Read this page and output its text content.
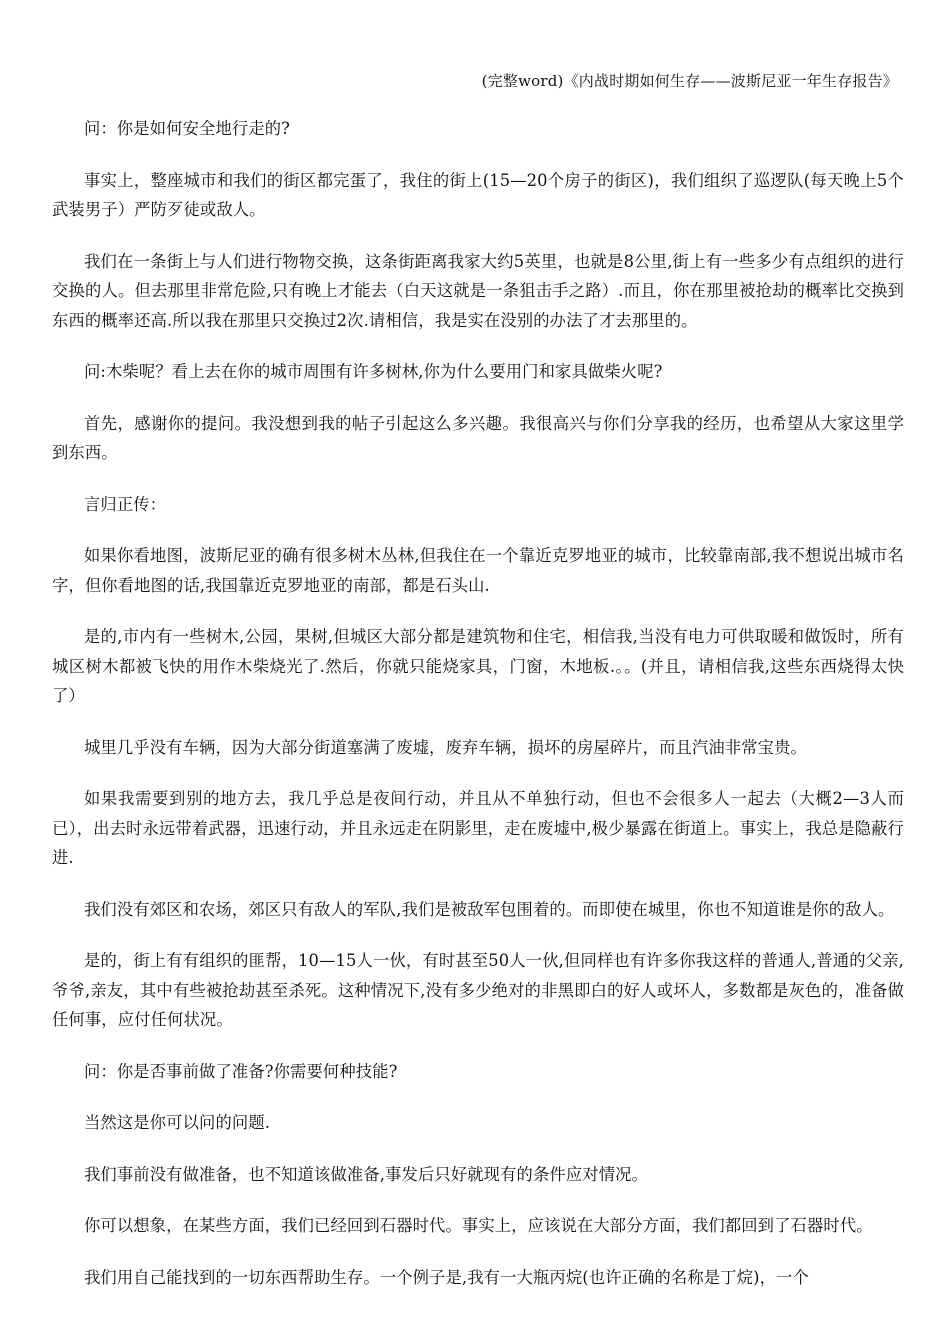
(完整word)《内战时期如何生存——波斯尼亚一年生存报告》

问：你是如何安全地行走的?

事实上，整座城市和我们的街区都完蛋了，我住的街上(15—20个房子的街区)，我们组织了巡逻队(每天晚上5个武装男子）严防歹徒或敌人。

我们在一条街上与人们进行物物交换，这条街距离我家大约5英里，也就是8公里,街上有一些多少有点组织的进行交换的人。但去那里非常危险,只有晚上才能去（白天这就是一条狙击手之路）.而且，你在那里被抢劫的概率比交换到东西的概率还高.所以我在那里只交换过2次.请相信，我是实在没别的办法了才去那里的。

问:木柴呢？看上去在你的城市周围有许多树林,你为什么要用门和家具做柴火呢?

首先，感谢你的提问。我没想到我的帖子引起这么多兴趣。我很高兴与你们分享我的经历，也希望从大家这里学到东西。

言归正传：

如果你看地图，波斯尼亚的确有很多树木丛林,但我住在一个靠近克罗地亚的城市，比较靠南部,我不想说出城市名字，但你看地图的话,我国靠近克罗地亚的南部，都是石头山.

是的,市内有一些树木,公园，果树,但城区大部分都是建筑物和住宅，相信我,当没有电力可供取暖和做饭时，所有城区树木都被飞快的用作木柴烧光了.然后，你就只能烧家具，门窗，木地板.。。(并且，请相信我,这些东西烧得太快了）

城里几乎没有车辆，因为大部分街道塞满了废墟，废弃车辆，损坏的房屋碎片，而且汽油非常宝贵。

如果我需要到别的地方去，我几乎总是夜间行动，并且从不单独行动，但也不会很多人一起去（大概2—3人而已），出去时永远带着武器，迅速行动，并且永远走在阴影里，走在废墟中,极少暴露在街道上。事实上，我总是隐蔽行进.

我们没有郊区和农场，郊区只有敌人的军队,我们是被敌军包围着的。而即使在城里，你也不知道谁是你的敌人。

是的，街上有有组织的匪帮，10—15人一伙，有时甚至50人一伙,但同样也有许多你我这样的普通人,普通的父亲,爷爷,亲友，其中有些被抢劫甚至杀死。这种情况下,没有多少绝对的非黑即白的好人或坏人，多数都是灰色的，准备做任何事，应付任何状况。

问：你是否事前做了准备?你需要何种技能?

当然这是你可以问的问题.

我们事前没有做准备，也不知道该做准备,事发后只好就现有的条件应对情况。

你可以想象，在某些方面，我们已经回到石器时代。事实上，应该说在大部分方面，我们都回到了石器时代。

我们用自己能找到的一切东西帮助生存。一个例子是,我有一大瓶丙烷(也许正确的名称是丁烷)，一个
